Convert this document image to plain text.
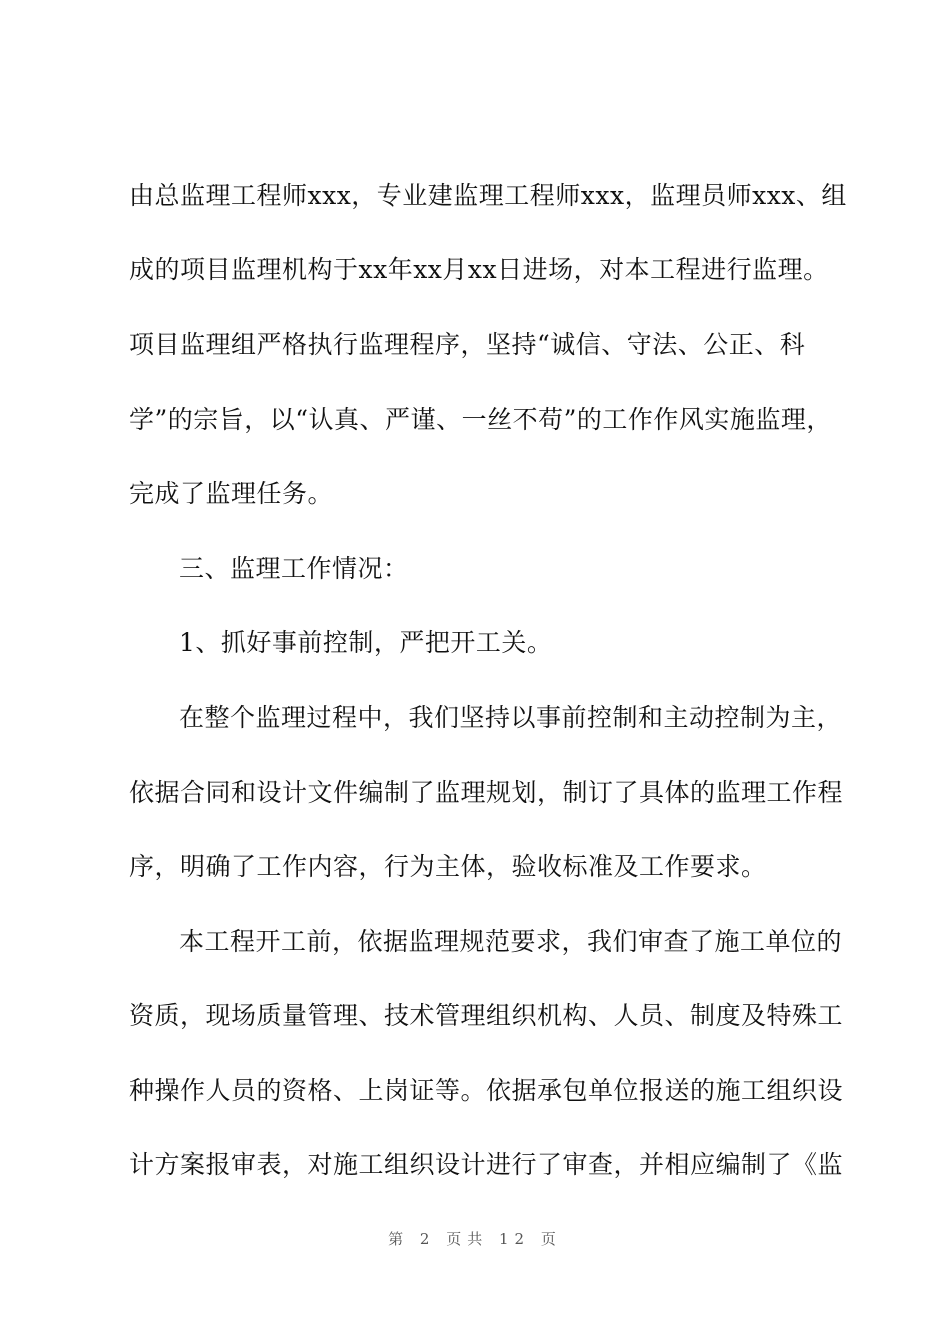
由总监理工程师xxx，专业建监理工程师xxx，监理员师xxx、组
成的项目监理机构于xx年xx月xx日进场，对本工程进行监理。
项目监理组严格执行监理程序，坚持“诚信、守法、公正、科
学”的宗旨，以“认真、严谨、一丝不苟”的工作作风实施监理，
完成了监理任务。
三、监理工作情况：
1、抓好事前控制，严把开工关。
在整个监理过程中，我们坚持以事前控制和主动控制为主，
依据合同和设计文件编制了监理规划，制订了具体的监理工作程
序，明确了工作内容，行为主体，验收标准及工作要求。
本工程开工前，依据监理规范要求，我们审查了施工单位的
资质，现场质量管理、技术管理组织机构、人员、制度及特殊工
种操作人员的资格、上岗证等。依据承包单位报送的施工组织设
计方案报审表，对施工组织设计进行了审查，并相应编制了《监
第 2 页共 12 页
